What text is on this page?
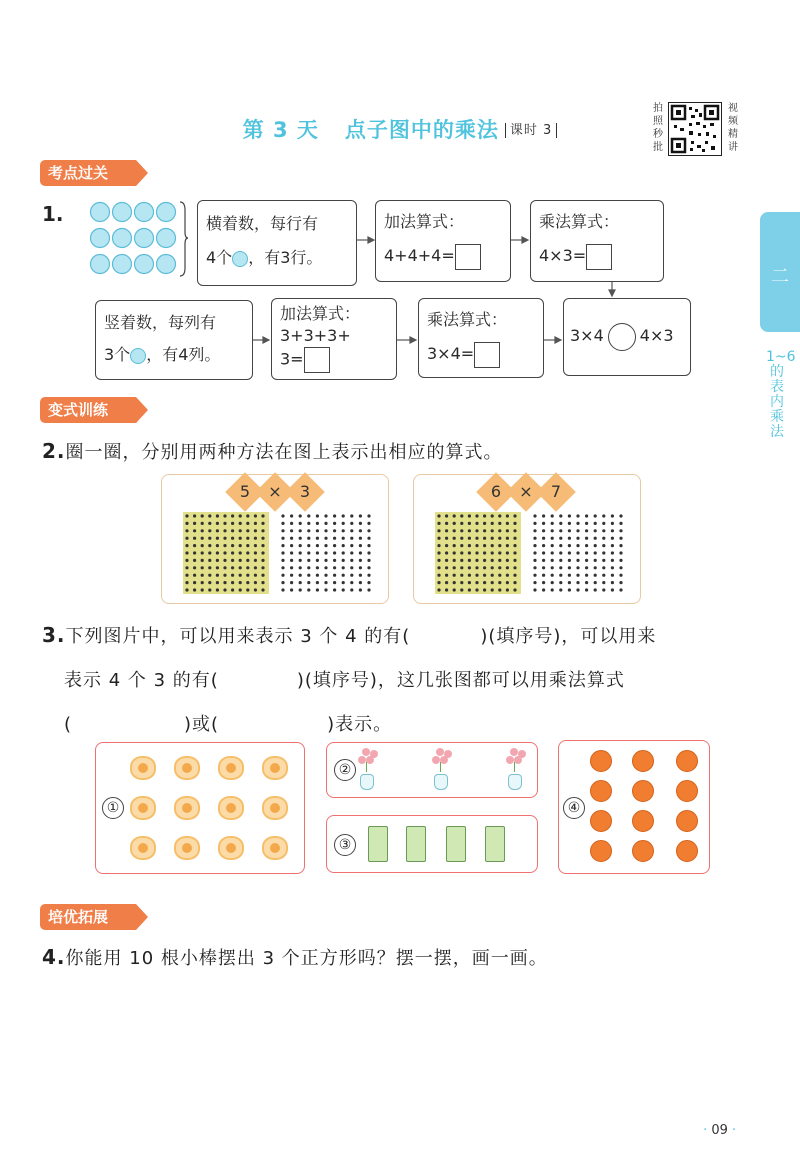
第 3 天 点子图中的乘法 课时 3
拍
照
秒
批
视
频
精
讲
二
1~6的表内乘法
考点过关
1.	横着数，每行有
4个 ，有3行。
加法算式：
4+4+4=
乘法算式：
4×3=
竖着数，每列有
3个 ，有4列。
加法算式：
3+3+3+
3=
乘法算式：
3×4=
3×4 4×3
变式训练
2.圈一圈，分别用两种方法在图上表示出相应的算式。
5	×	3	6	×	7
3.下列图片中，可以用来表示 3 个 4 的有(	)(填序号)，可以用来
表示 4 个 3 的有(	)(填序号)，这几张图都可以用乘法算式
(	)或(	)表示。
①
②
③
④
培优拓展
4.你能用 10 根小棒摆出 3 个正方形吗？摆一摆，画一画。
· 09 ·
